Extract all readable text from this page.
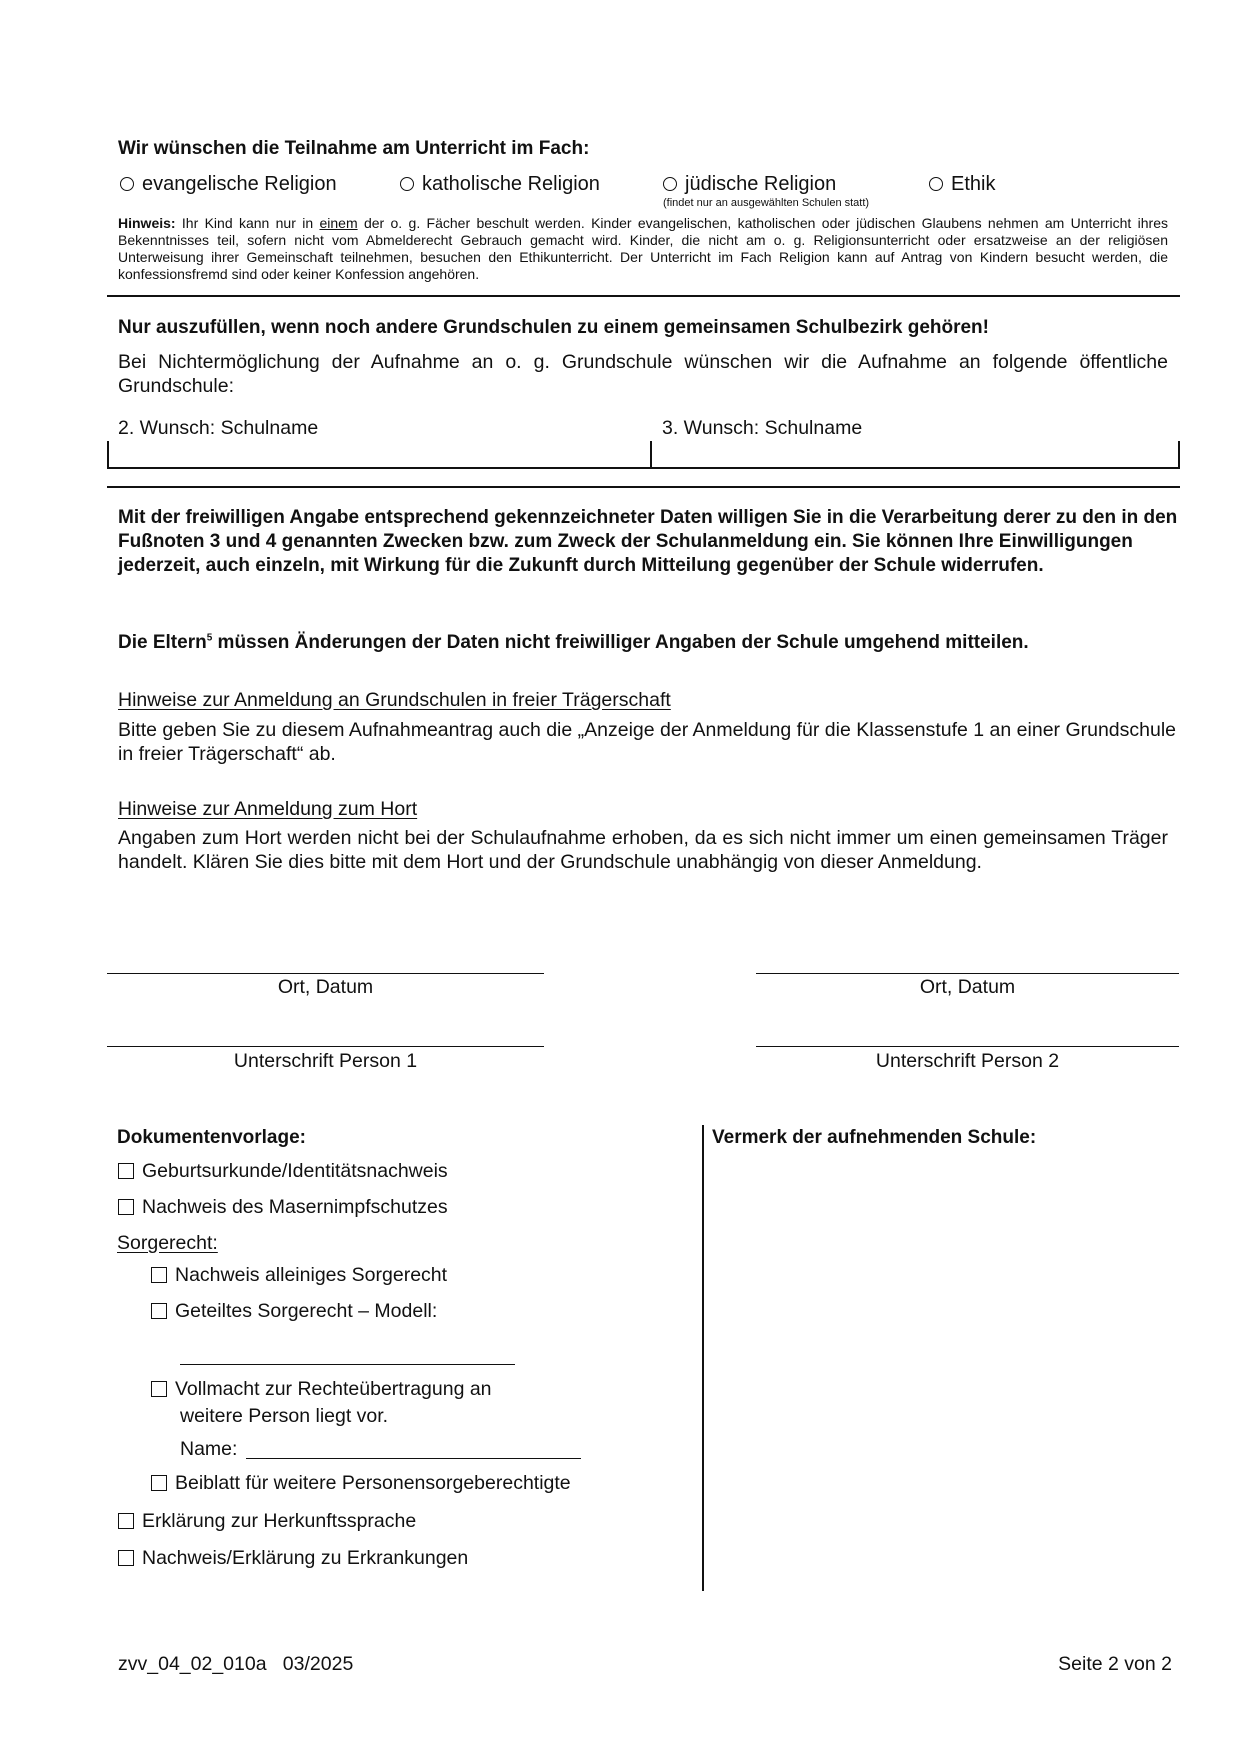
Wir wünschen die Teilnahme am Unterricht im Fach:
evangelische Religion	katholische Religion	jüdische Religion
(findet nur an ausgewählten Schulen statt)
Ethik
Hinweis: Ihr Kind kann nur in einem der o. g. Fächer beschult werden. Kinder evangelischen, katholischen oder jüdischen Glaubens nehmen am Unterricht ihres Bekenntnisses teil, sofern nicht vom Abmelderecht Gebrauch gemacht wird. Kinder, die nicht am o. g. Religionsunterricht oder ersatzweise an der religiösen Unterweisung ihrer Gemeinschaft teilnehmen, besuchen den Ethikunterricht. Der Unterricht im Fach Religion kann auf Antrag von Kindern besucht werden, die konfessionsfremd sind oder keiner Konfession angehören.
Nur auszufüllen, wenn noch andere Grundschulen zu einem gemeinsamen Schulbezirk gehören!
Bei Nichtermöglichung der Aufnahme an o. g. Grundschule wünschen wir die Aufnahme an folgende öffentliche Grundschule:
2. Wunsch: Schulname	3. Wunsch: Schulname
Mit der freiwilligen Angabe entsprechend gekennzeichneter Daten willigen Sie in die Verarbeitung derer zu den in den Fußnoten 3 und 4 genannten Zwecken bzw. zum Zweck der Schulanmeldung ein. Sie können Ihre Einwilligungen jederzeit, auch einzeln, mit Wirkung für die Zukunft durch Mitteilung gegenüber der Schule widerrufen.
Die Eltern$^5$ müssen Änderungen der Daten nicht freiwilliger Angaben der Schule umgehend mitteilen.
Hinweise zur Anmeldung an Grundschulen in freier Trägerschaft
Bitte geben Sie zu diesem Aufnahmeantrag auch die „Anzeige der Anmeldung für die Klassenstufe 1 an einer Grundschule in freier Trägerschaft“ ab.
Hinweise zur Anmeldung zum Hort
Angaben zum Hort werden nicht bei der Schulaufnahme erhoben, da es sich nicht immer um einen gemeinsamen Träger handelt. Klären Sie dies bitte mit dem Hort und der Grundschule unabhängig von dieser Anmeldung.
Ort, Datum	Ort, Datum
Unterschrift Person 1	Unterschrift Person 2
Dokumentenvorlage:
Geburtsurkunde/Identitätsnachweis
Nachweis des Masernimpfschutzes
Sorgerecht:
Nachweis alleiniges Sorgerecht
Geteiltes Sorgerecht – Modell:
Vollmacht zur Rechteübertragung an
weitere Person liegt vor.
Name:
Beiblatt für weitere Personensorgeberechtigte
Erklärung zur Herkunftssprache
Nachweis/Erklärung zu Erkrankungen
Vermerk der aufnehmenden Schule:
zvv_04_02_010a   03/2025	Seite 2 von 2
